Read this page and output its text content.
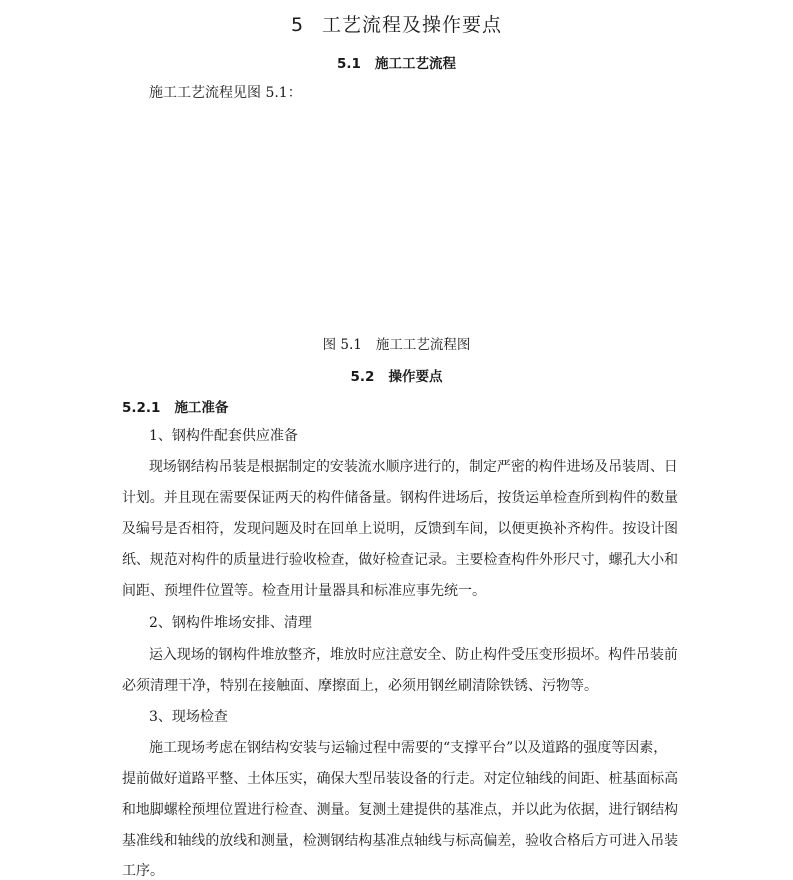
5 工艺流程及操作要点
5.1 施工工艺流程
施工工艺流程见图 5.1：
图 5.1 施工工艺流程图
5.2 操作要点
5.2.1 施工准备
1、钢构件配套供应准备
现场钢结构吊装是根据制定的安装流水顺序进行的，制定严密的构件进场及吊装周、日
计划。并且现在需要保证两天的构件储备量。钢构件进场后，按货运单检查所到构件的数量
及编号是否相符，发现问题及时在回单上说明，反馈到车间，以便更换补齐构件。按设计图
纸、规范对构件的质量进行验收检查，做好检查记录。主要检查构件外形尺寸，螺孔大小和
间距、预埋件位置等。检查用计量器具和标准应事先统一。
2、钢构件堆场安排、清理
运入现场的钢构件堆放整齐，堆放时应注意安全、防止构件受压变形损坏。构件吊装前
必须清理干净，特别在接触面、摩擦面上，必须用钢丝刷清除铁锈、污物等。
3、现场检查
施工现场考虑在钢结构安装与运输过程中需要的“支撑平台”以及道路的强度等因素，
提前做好道路平整、土体压实，确保大型吊装设备的行走。对定位轴线的间距、桩基面标高
和地脚螺栓预埋位置进行检查、测量。复测土建提供的基准点，并以此为依据，进行钢结构
基准线和轴线的放线和测量，检测钢结构基准点轴线与标高偏差，验收合格后方可进入吊装
工序。
